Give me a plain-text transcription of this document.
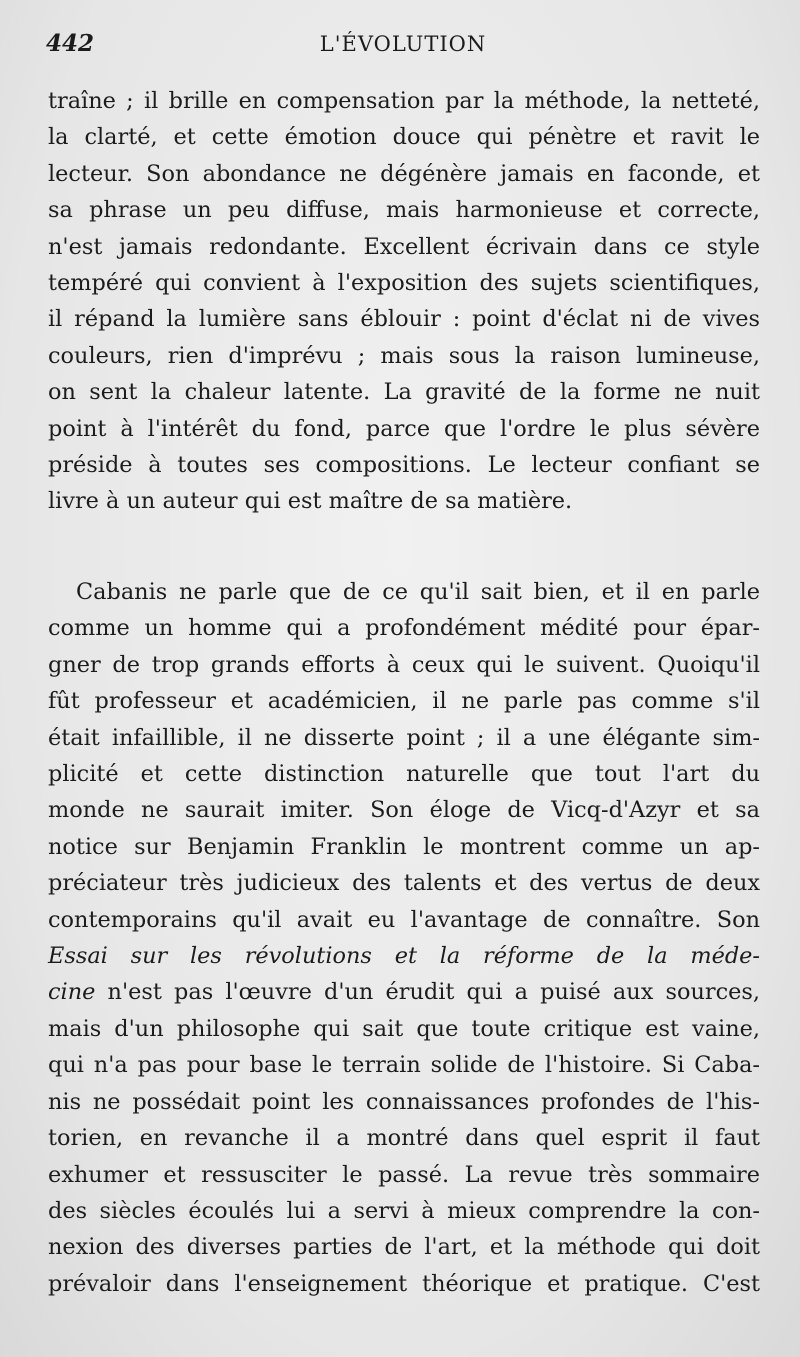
442	L'ÉVOLUTION
traîne ; il brille en compensation par la méthode, la netteté,
la clarté, et cette émotion douce qui pénètre et ravit le
lecteur. Son abondance ne dégénère jamais en faconde, et
sa phrase un peu diffuse, mais harmonieuse et correcte,
n'est jamais redondante. Excellent écrivain dans ce style
tempéré qui convient à l'exposition des sujets scientifiques,
il répand la lumière sans éblouir : point d'éclat ni de vives
couleurs, rien d'imprévu ; mais sous la raison lumineuse,
on sent la chaleur latente. La gravité de la forme ne nuit
point à l'intérêt du fond, parce que l'ordre le plus sévère
préside à toutes ses compositions. Le lecteur confiant se
livre à un auteur qui est maître de sa matière.
Cabanis ne parle que de ce qu'il sait bien, et il en parle
comme un homme qui a profondément médité pour épar-
gner de trop grands efforts à ceux qui le suivent. Quoiqu'il
fût professeur et académicien, il ne parle pas comme s'il
était infaillible, il ne disserte point ; il a une élégante sim-
plicité et cette distinction naturelle que tout l'art du
monde ne saurait imiter. Son éloge de Vicq-d'Azyr et sa
notice sur Benjamin Franklin le montrent comme un ap-
préciateur très judicieux des talents et des vertus de deux
contemporains qu'il avait eu l'avantage de connaître. Son
Essai sur les révolutions et la réforme de la méde-
cine n'est pas l'œuvre d'un érudit qui a puisé aux sources,
mais d'un philosophe qui sait que toute critique est vaine,
qui n'a pas pour base le terrain solide de l'histoire. Si Caba-
nis ne possédait point les connaissances profondes de l'his-
torien, en revanche il a montré dans quel esprit il faut
exhumer et ressusciter le passé. La revue très sommaire
des siècles écoulés lui a servi à mieux comprendre la con-
nexion des diverses parties de l'art, et la méthode qui doit
prévaloir dans l'enseignement théorique et pratique. C'est
